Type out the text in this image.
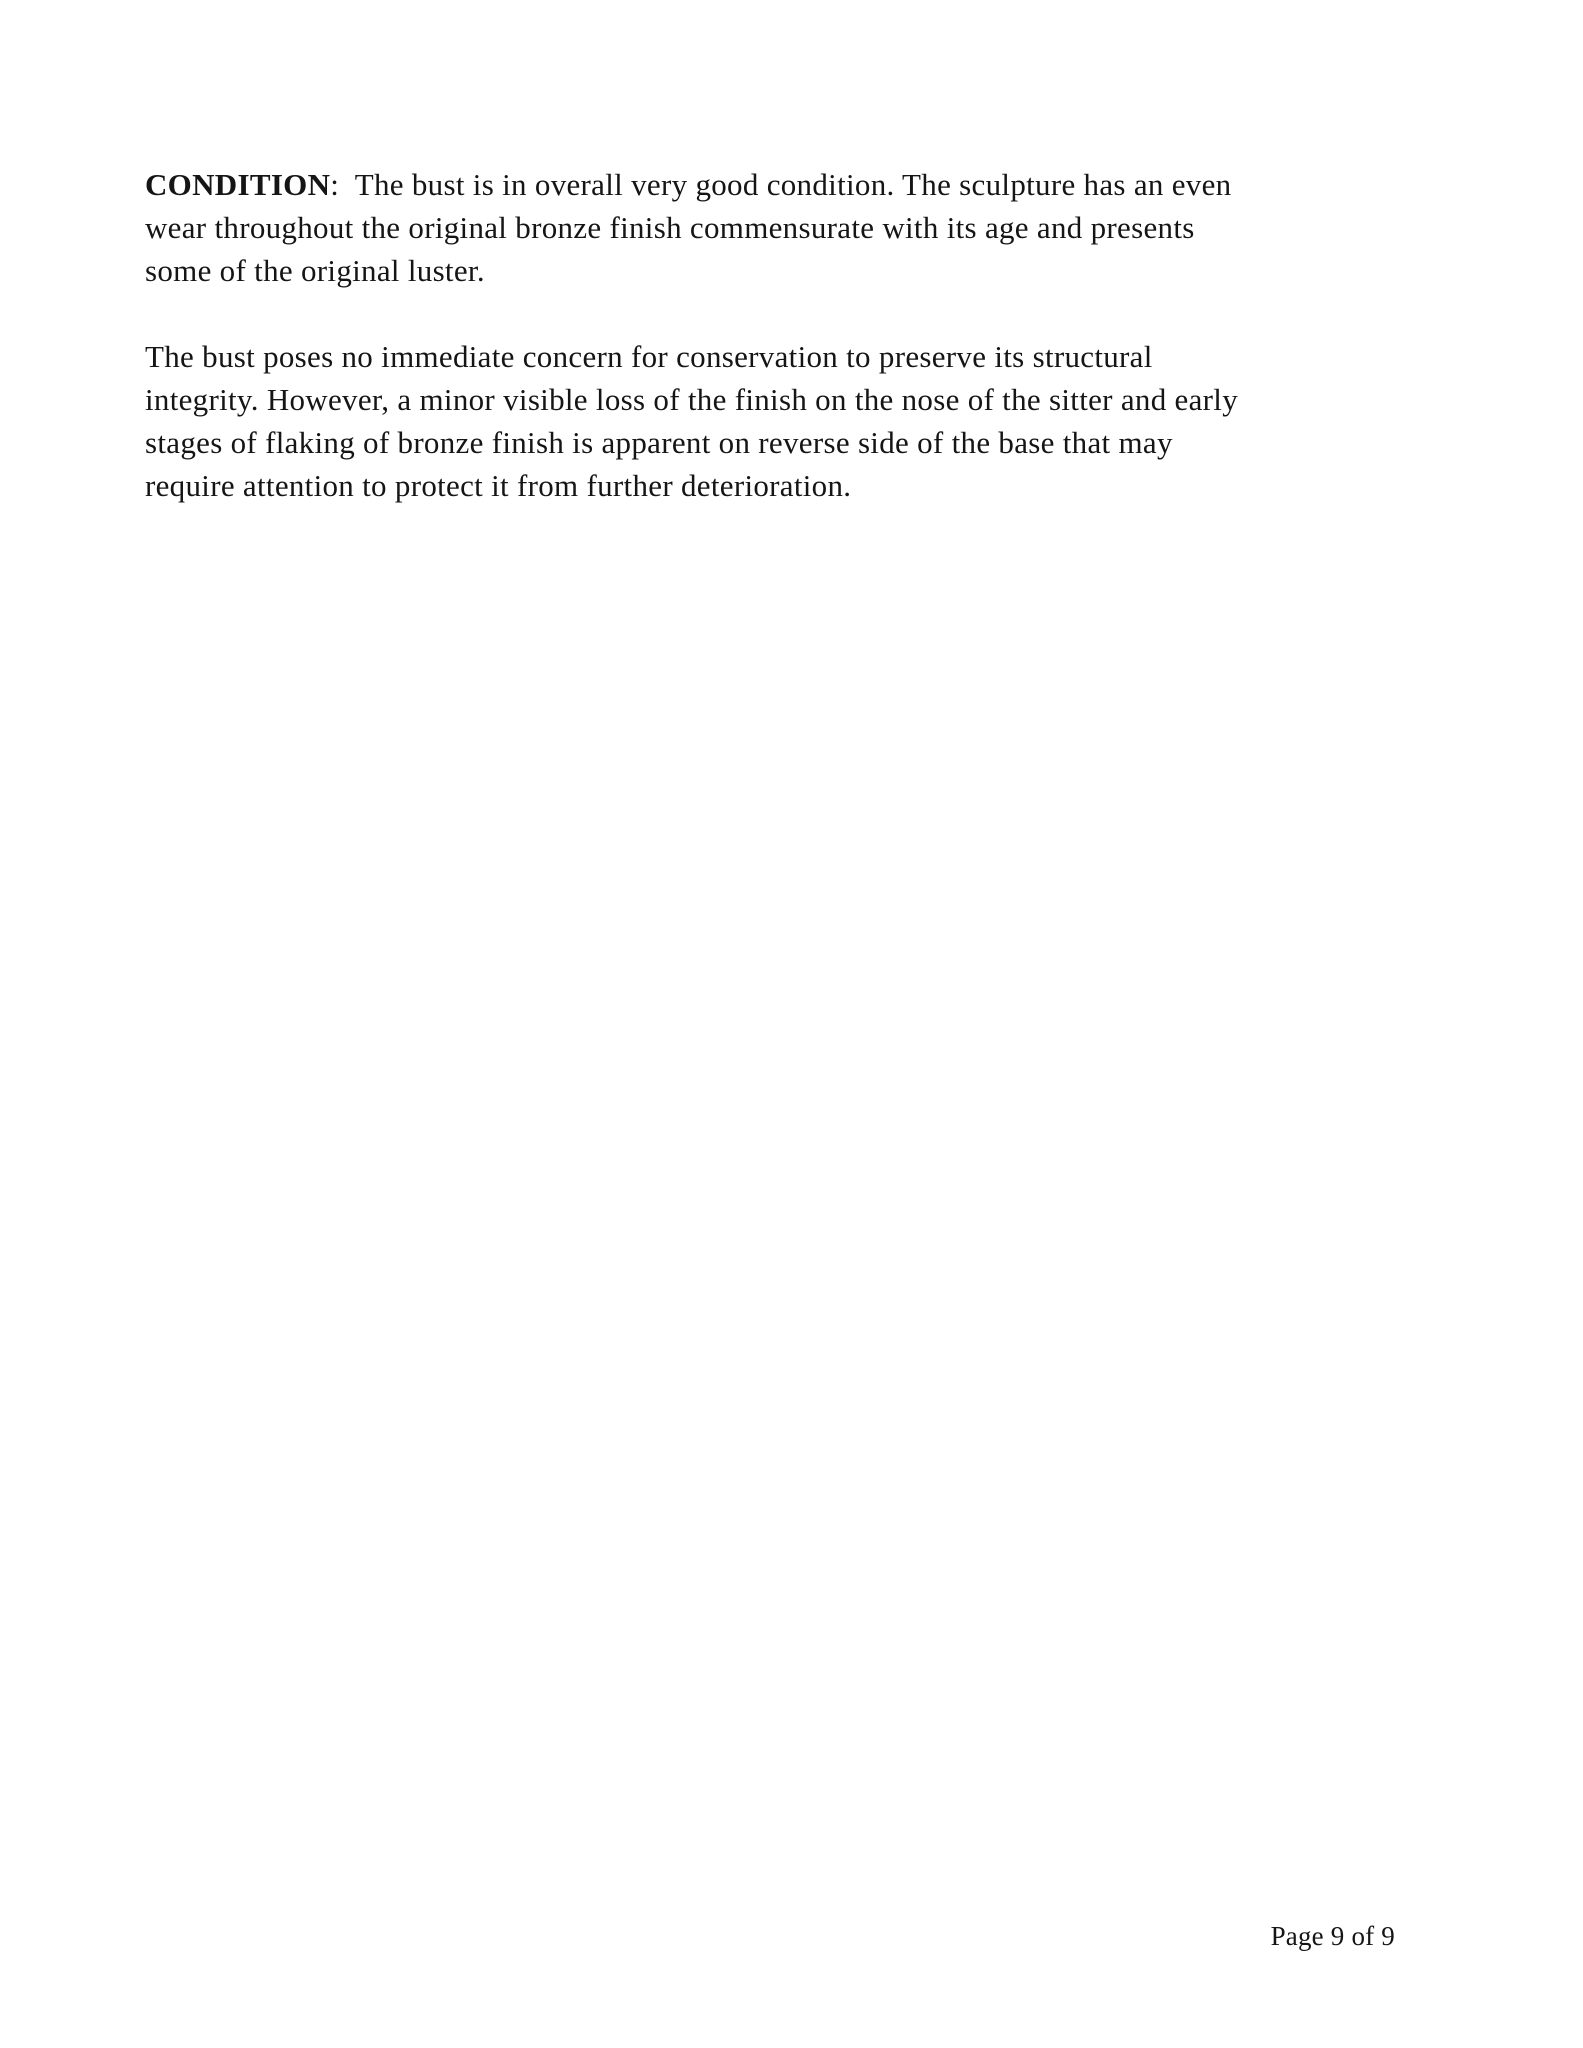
CONDITION:  The bust is in overall very good condition. The sculpture has an even
wear throughout the original bronze finish commensurate with its age and presents
some of the original luster.
The bust poses no immediate concern for conservation to preserve its structural
integrity. However, a minor visible loss of the finish on the nose of the sitter and early
stages of flaking of bronze finish is apparent on reverse side of the base that may
require attention to protect it from further deterioration.
Page 9 of 9
